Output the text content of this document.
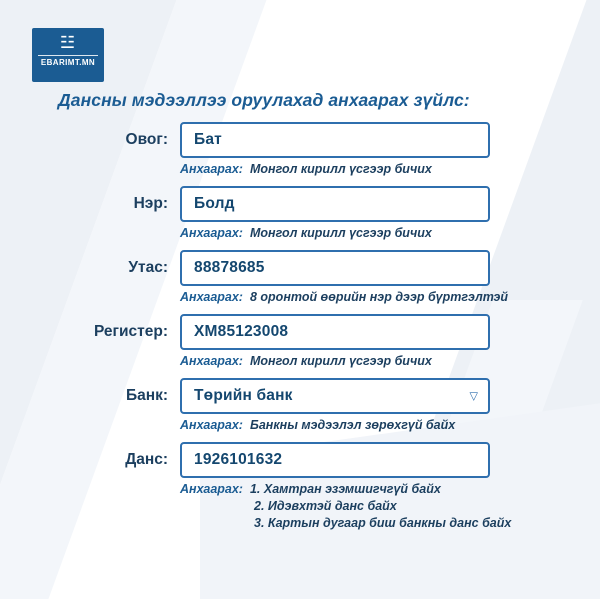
☳
EBARIMT.MN
Дансны мэдээллээ оруулахад анхаарах зүйлс:
Овог:	Бат
Анхаарах: Монгол кирилл үсгээр бичих
Нэр:	Болд
Анхаарах: Монгол кирилл үсгээр бичих
Утас:	88878685
Анхаарах: 8 оронтой өөрийн нэр дээр бүртгэлтэй
Регистер:	ХМ85123008
Анхаарах: Монгол кирилл үсгээр бичих
Банк:	Төрийн банк	▽
Анхаарах: Банкны мэдээлэл зөрөхгүй байх
Данс:	1926101632
Анхаарах: 1. Хамтран эзэмшигчгүй байх
2. Идэвхтэй данс байх
3. Картын дугаар биш банкны данс байх
